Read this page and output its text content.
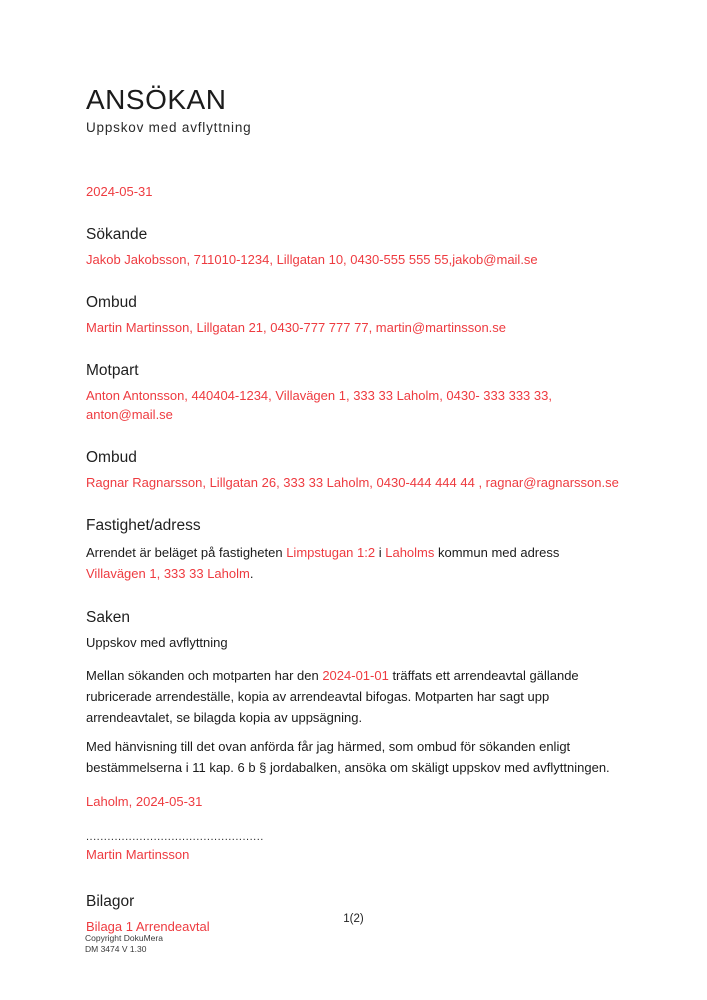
ANSÖKAN
Uppskov med avflyttning
2024-05-31
Sökande
Jakob Jakobsson, 711010-1234, Lillgatan 10, 0430-555 555 55,jakob@mail.se
Ombud
Martin Martinsson, Lillgatan 21, 0430-777 777 77, martin@martinsson.se
Motpart
Anton Antonsson, 440404-1234, Villavägen 1, 333 33 Laholm, 0430- 333 333 33, anton@mail.se
Ombud
Ragnar Ragnarsson, Lillgatan 26, 333 33 Laholm, 0430-444 444 44 , ragnar@ragnarsson.se
Fastighet/adress
Arrendet är beläget på fastigheten Limpstugan 1:2 i Laholms kommun med adress Villavägen 1, 333 33 Laholm.
Saken
Uppskov med avflyttning
Mellan sökanden och motparten har den 2024-01-01 träffats ett arrendeavtal gällande rubricerade arrendeställe, kopia av arrendeavtal bifogas. Motparten har sagt upp arrendeavtalet, se bilagda kopia av uppsägning.
Med hänvisning till det ovan anförda får jag härmed, som ombud för sökanden enligt bestämmelserna i 11 kap. 6 b § jordabalken, ansöka om skäligt uppskov med avflyttningen.
Laholm, 2024-05-31
..................................................
Martin Martinsson
Bilagor
Bilaga 1 Arrendeavtal	1(2)
Copyright DokuMera
DM 3474 V 1.30
